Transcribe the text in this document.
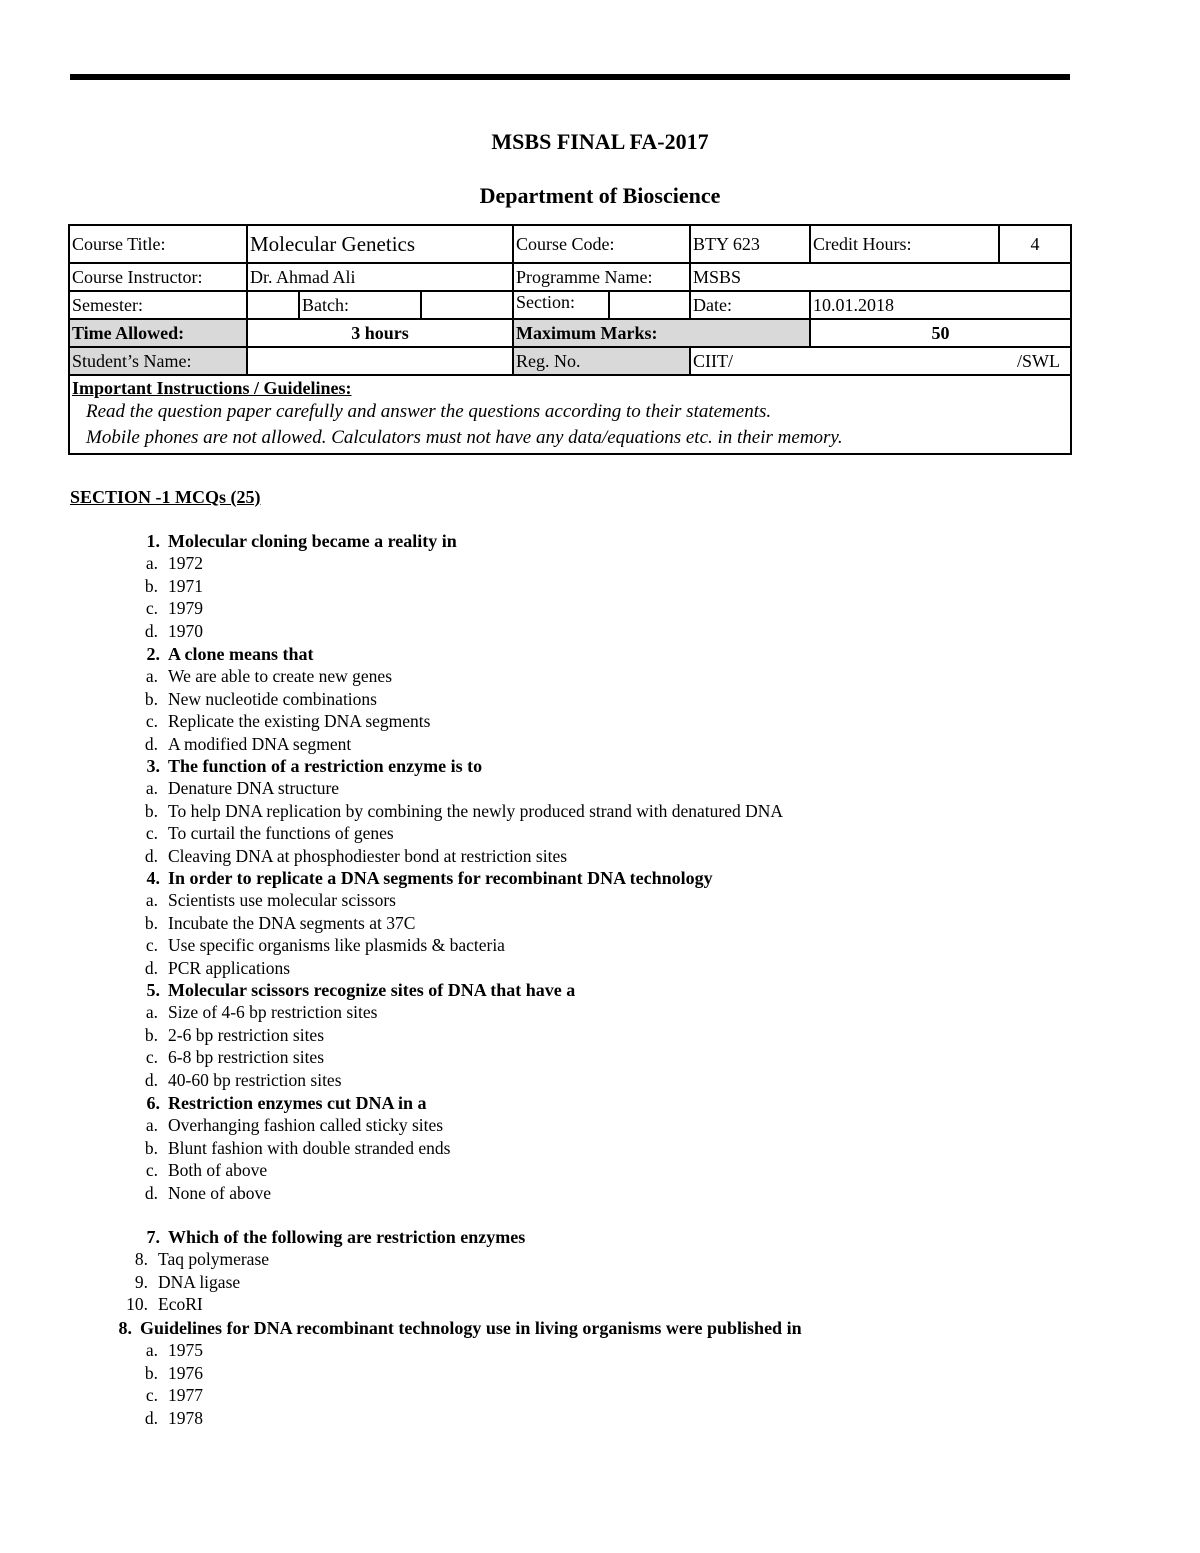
MSBS FINAL FA-2017
Department of Bioscience
Course Title:	Molecular Genetics			Course Code:	BTY 623	Credit Hours:	4
Course Instructor:	Dr. Ahmad Ali			Programme Name:	MSBS		
Semester:		Batch:		Section:	Date:	10.01.2018	
Time Allowed:	3 hours			Maximum Marks:		50	
Student’s Name:				Reg. No.	CIIT/ /SWL		

Important Instructions / Guidelines:
Read the question paper carefully and answer the questions according to their statements.
Mobile phones are not allowed. Calculators must not have any data/equations etc. in their memory.							
SECTION -1 MCQs (25)
1. Molecular cloning became a reality in
a. 1972
b. 1971
c. 1979
d. 1970
2. A clone means that
a. We are able to create new genes
b. New nucleotide combinations
c. Replicate the existing DNA segments
d. A modified DNA segment
3. The function of a restriction enzyme is to
a. Denature DNA structure
b. To help DNA replication by combining the newly produced strand with denatured DNA
c. To curtail the functions of genes
d. Cleaving DNA at phosphodiester bond at restriction sites
4. In order to replicate a DNA segments for recombinant DNA technology
a. Scientists use molecular scissors
b. Incubate the DNA segments at 37C
c. Use specific organisms like plasmids & bacteria
d. PCR applications
5. Molecular scissors recognize sites of DNA that have a
a. Size of 4-6 bp restriction sites
b. 2-6 bp restriction sites
c. 6-8 bp restriction sites
d. 40-60 bp restriction sites
6. Restriction enzymes cut DNA in a
a. Overhanging fashion called sticky sites
b. Blunt fashion with double stranded ends
c. Both of above
d. None of above
7. Which of the following are restriction enzymes
8. Taq polymerase
9. DNA ligase
10. EcoRI
8. Guidelines for DNA recombinant technology use in living organisms were published in
a. 1975
b. 1976
c. 1977
d. 1978
